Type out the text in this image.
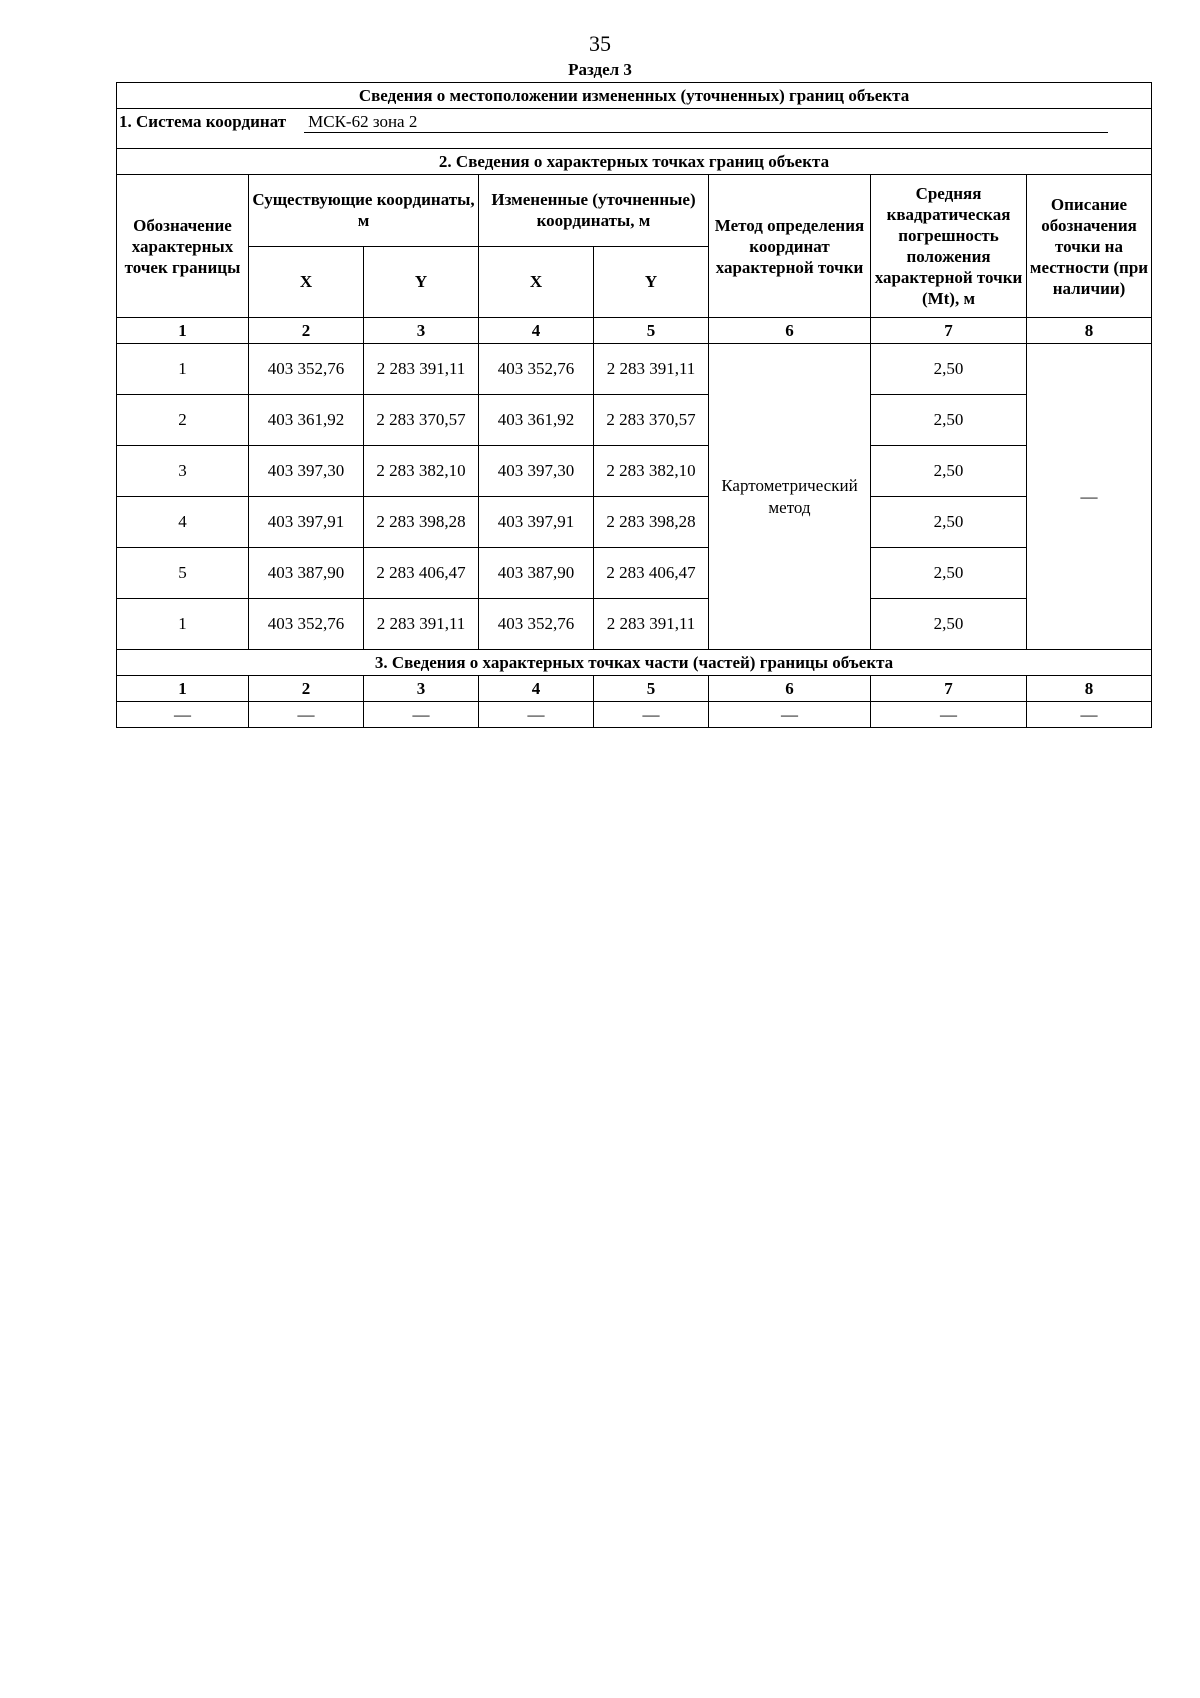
35
Раздел 3
Сведения о местоположении измененных (уточненных) границ объекта							
1. Система координат МСК-62 зона 2							
2. Сведения о характерных точках границ объекта							
Обозначение характерных точек границы	Существующие координаты, м		Измененные (уточненные) координаты, м		Метод определения координат характерной точки	Средняя квадратическая погрешность положения характерной точки (Mt), м	Описание обозначения точки на местности (при наличии)
	X	Y	X	Y			
1	2	3	4	5	6	7	8
1	403 352,76	2 283 391,11	403 352,76	2 283 391,11	Картометрический метод	2,50	—
2	403 361,92	2 283 370,57	403 361,92	2 283 370,57		2,50	
3	403 397,30	2 283 382,10	403 397,30	2 283 382,10		2,50	
4	403 397,91	2 283 398,28	403 397,91	2 283 398,28		2,50	
5	403 387,90	2 283 406,47	403 387,90	2 283 406,47		2,50	
1	403 352,76	2 283 391,11	403 352,76	2 283 391,11		2,50	
3. Сведения о характерных точках части (частей) границы объекта							
1	2	3	4	5	6	7	8
—	—	—	—	—	—	—	—
